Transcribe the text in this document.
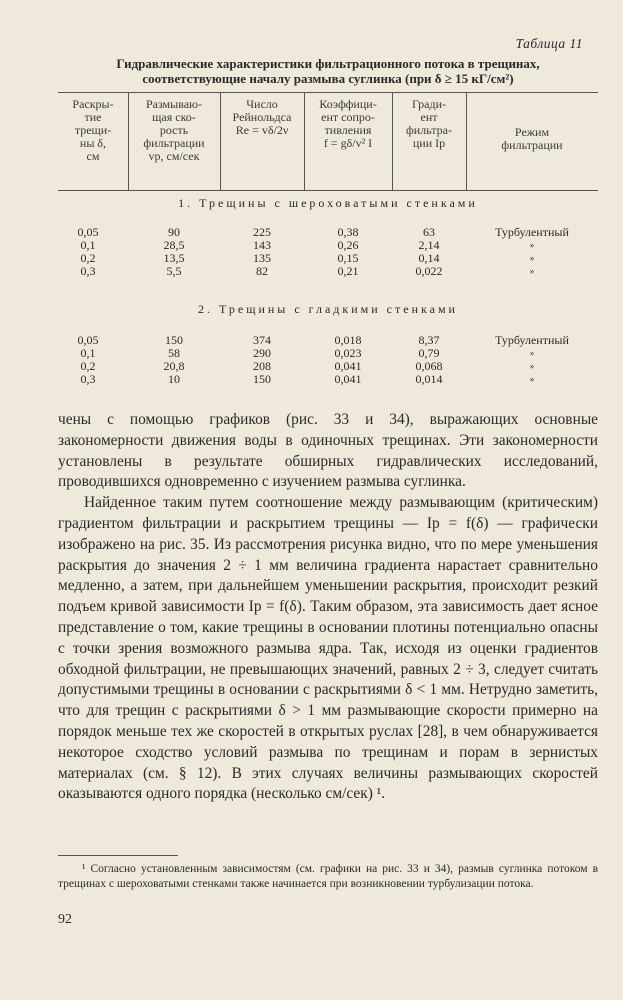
Таблица 11
Гидравлические характеристики фильтрационного потока в трещинах,
соответствующие началу размыва суглинка (при δ ≥ 15 кГ/см²)
Раскры-
тие
трещи-
ны δ,
см
Размываю-
щая ско-
рость
фильтрации
vр, см/сек
Число
Рейнольдса
Re = vδ/2ν
Коэффици-
ент сопро-
тивления
f = gδ/v² I
Гради-
ент
фильтра-
ции Iр
Режим
фильтрации
1. Трещины с шероховатыми стенками
0,05
0,1
0,2
0,3
90
28,5
13,5
5,5
225
143
135
82
0,38
0,26
0,15
0,21
63
2,14
0,14
0,022
Турбулентный
»
»
»
2. Трещины с гладкими стенками
0,05
0,1
0,2
0,3
150
58
20,8
10
374
290
208
150
0,018
0,023
0,041
0,041
8,37
0,79
0,068
0,014
Турбулентный
»
»
»

чены с помощью графиков (рис. 33 и 34), выражающих основные закономерности движения воды в одиночных трещинах. Эти закономерности установлены в результате обширных гидравлических исследований, проводившихся одновременно с изучением размыва суглинка.

Найденное таким путем соотношение между размывающим (критическим) градиентом фильтрации и раскрытием трещины — Iр = f(δ) — графически изображено на рис. 35. Из рассмотрения рисунка видно, что по мере уменьшения раскрытия до значения 2 ÷ 1 мм величина градиента нарастает сравнительно медленно, а затем, при дальнейшем уменьшении раскрытия, происходит резкий подъем кривой зависимости Iр = f(δ). Таким образом, эта зависимость дает ясное представление о том, какие трещины в основании плотины потенциально опасны с точки зрения возможного размыва ядра. Так, исходя из оценки градиентов обходной фильтрации, не превышающих значений, равных 2 ÷ 3, следует считать допустимыми трещины в основании с раскрытиями δ < 1 мм. Нетрудно заметить, что для трещин с раскрытиями δ > 1 мм размывающие скорости примерно на порядок меньше тех же скоростей в открытых руслах [28], в чем обнаруживается некоторое сходство условий размыва по трещинам и порам в зернистых материалах (см. § 12). В этих случаях величины размывающих скоростей оказываются одного порядка (несколько см/сек) ¹.

¹ Согласно установленным зависимостям (см. графики на рис. 33 и 34), размыв суглинка потоком в трещинах с шероховатыми стенками также начинается при возникновении турбулизации потока.
92
